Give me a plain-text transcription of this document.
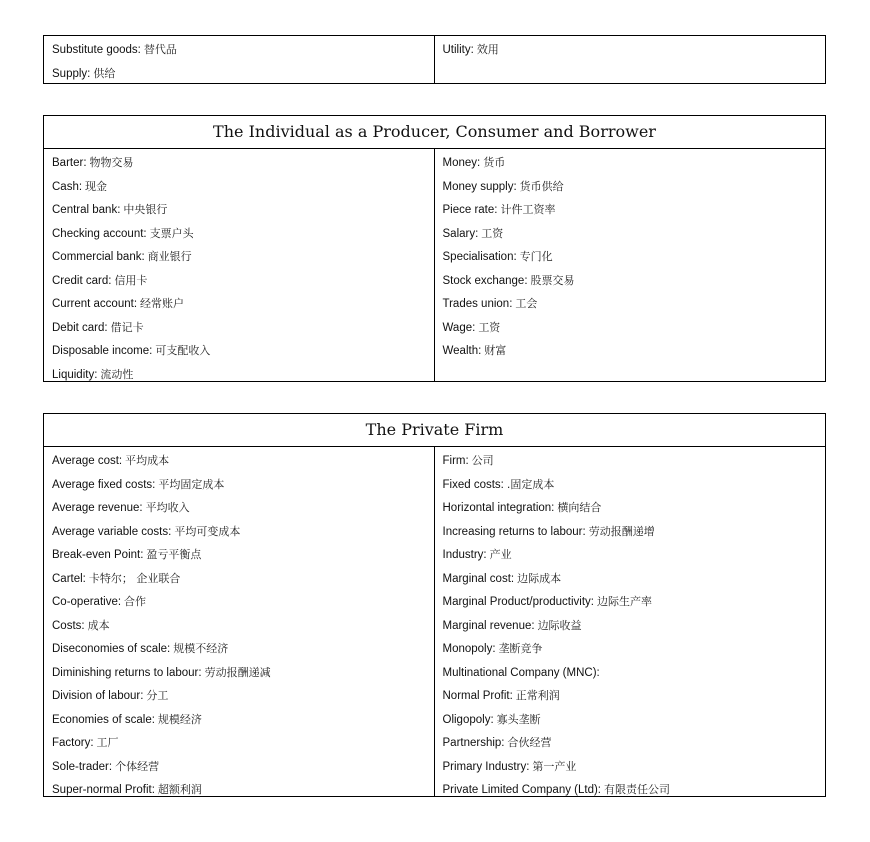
Substitute goods: 替代品
Supply: 供给
Utility: 效用
The Individual as a Producer, Consumer and Borrower
Barter: 物物交易
Cash: 现金
Central bank: 中央银行
Checking account: 支票户头
Commercial bank: 商业银行
Credit card: 信用卡
Current account: 经常账户
Debit card: 借记卡
Disposable income: 可支配收入
Liquidity: 流动性
Money: 货币
Money supply: 货币供给
Piece rate: 计件工资率
Salary: 工资
Specialisation: 专门化
Stock exchange: 股票交易
Trades union: 工会
Wage: 工资
Wealth: 财富
The Private Firm
Average cost: 平均成本
Average fixed costs: 平均固定成本
Average revenue: 平均收入
Average variable costs: 平均可变成本
Break-even Point: 盈亏平衡点
Cartel: 卡特尔； 企业联合
Co-operative: 合作
Costs: 成本
Diseconomies of scale: 规模不经济
Diminishing returns to labour: 劳动报酬递减
Division of labour: 分工
Economies of scale: 规模经济
Factory: 工厂
Sole-trader: 个体经营
Super-normal Profit: 超额利润
Firm: 公司
Fixed costs: .固定成本
Horizontal integration: 横向结合
Increasing returns to labour: 劳动报酬递增
Industry: 产业
Marginal cost: 边际成本
Marginal Product/productivity: 边际生产率
Marginal revenue: 边际收益
Monopoly: 垄断竞争
Multinational Company (MNC):
Normal Profit: 正常利润
Oligopoly: 寡头垄断
Partnership: 合伙经营
Primary Industry: 第一产业
Private Limited Company (Ltd): 有限责任公司
